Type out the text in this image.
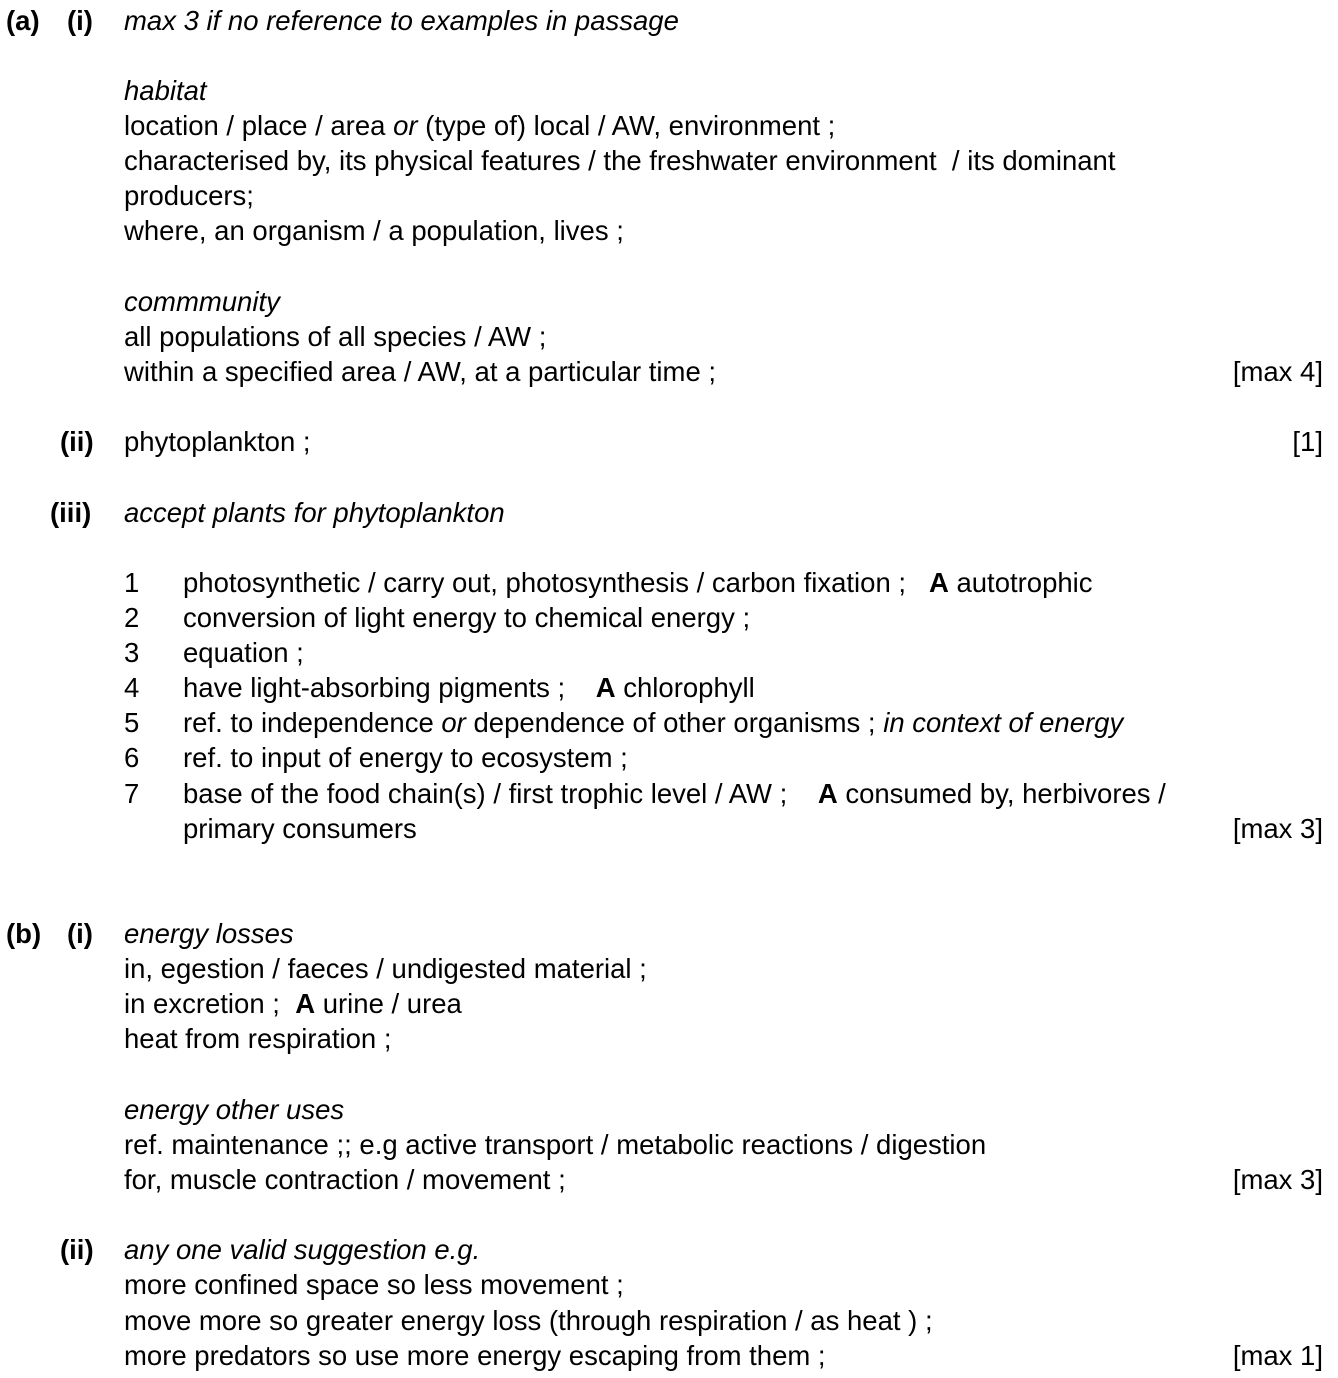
(a) (i) max 3 if no reference to examples in passage
habitat
location / place / area or (type of) local / AW, environment ;
characterised by, its physical features / the freshwater environment  / its dominant
producers;
where, an organism / a population, lives ;
commmunity
all populations of all species / AW ;
within a specified area / AW, at a particular time ;	[max 4]
(ii) phytoplankton ;	[1]
(iii) accept plants for phytoplankton
1 photosynthetic / carry out, photosynthesis / carbon fixation ;   A autotrophic
2 conversion of light energy to chemical energy ;
3 equation ;
4 have light-absorbing pigments ;    A chlorophyll
5 ref. to independence or dependence of other organisms ; in context of energy
6 ref. to input of energy to ecosystem ;
7 base of the food chain(s) / first trophic level / AW ;    A consumed by, herbivores /
primary consumers	[max 3]
(b) (i) energy losses
in, egestion / faeces / undigested material ;
in excretion ;  A urine / urea
heat from respiration ;
energy other uses
ref. maintenance ;; e.g active transport / metabolic reactions / digestion
for, muscle contraction / movement ;	[max 3]
(ii) any one valid suggestion e.g.
more confined space so less movement ;
move more so greater energy loss (through respiration / as heat ) ;
more predators so use more energy escaping from them ;	[max 1]
